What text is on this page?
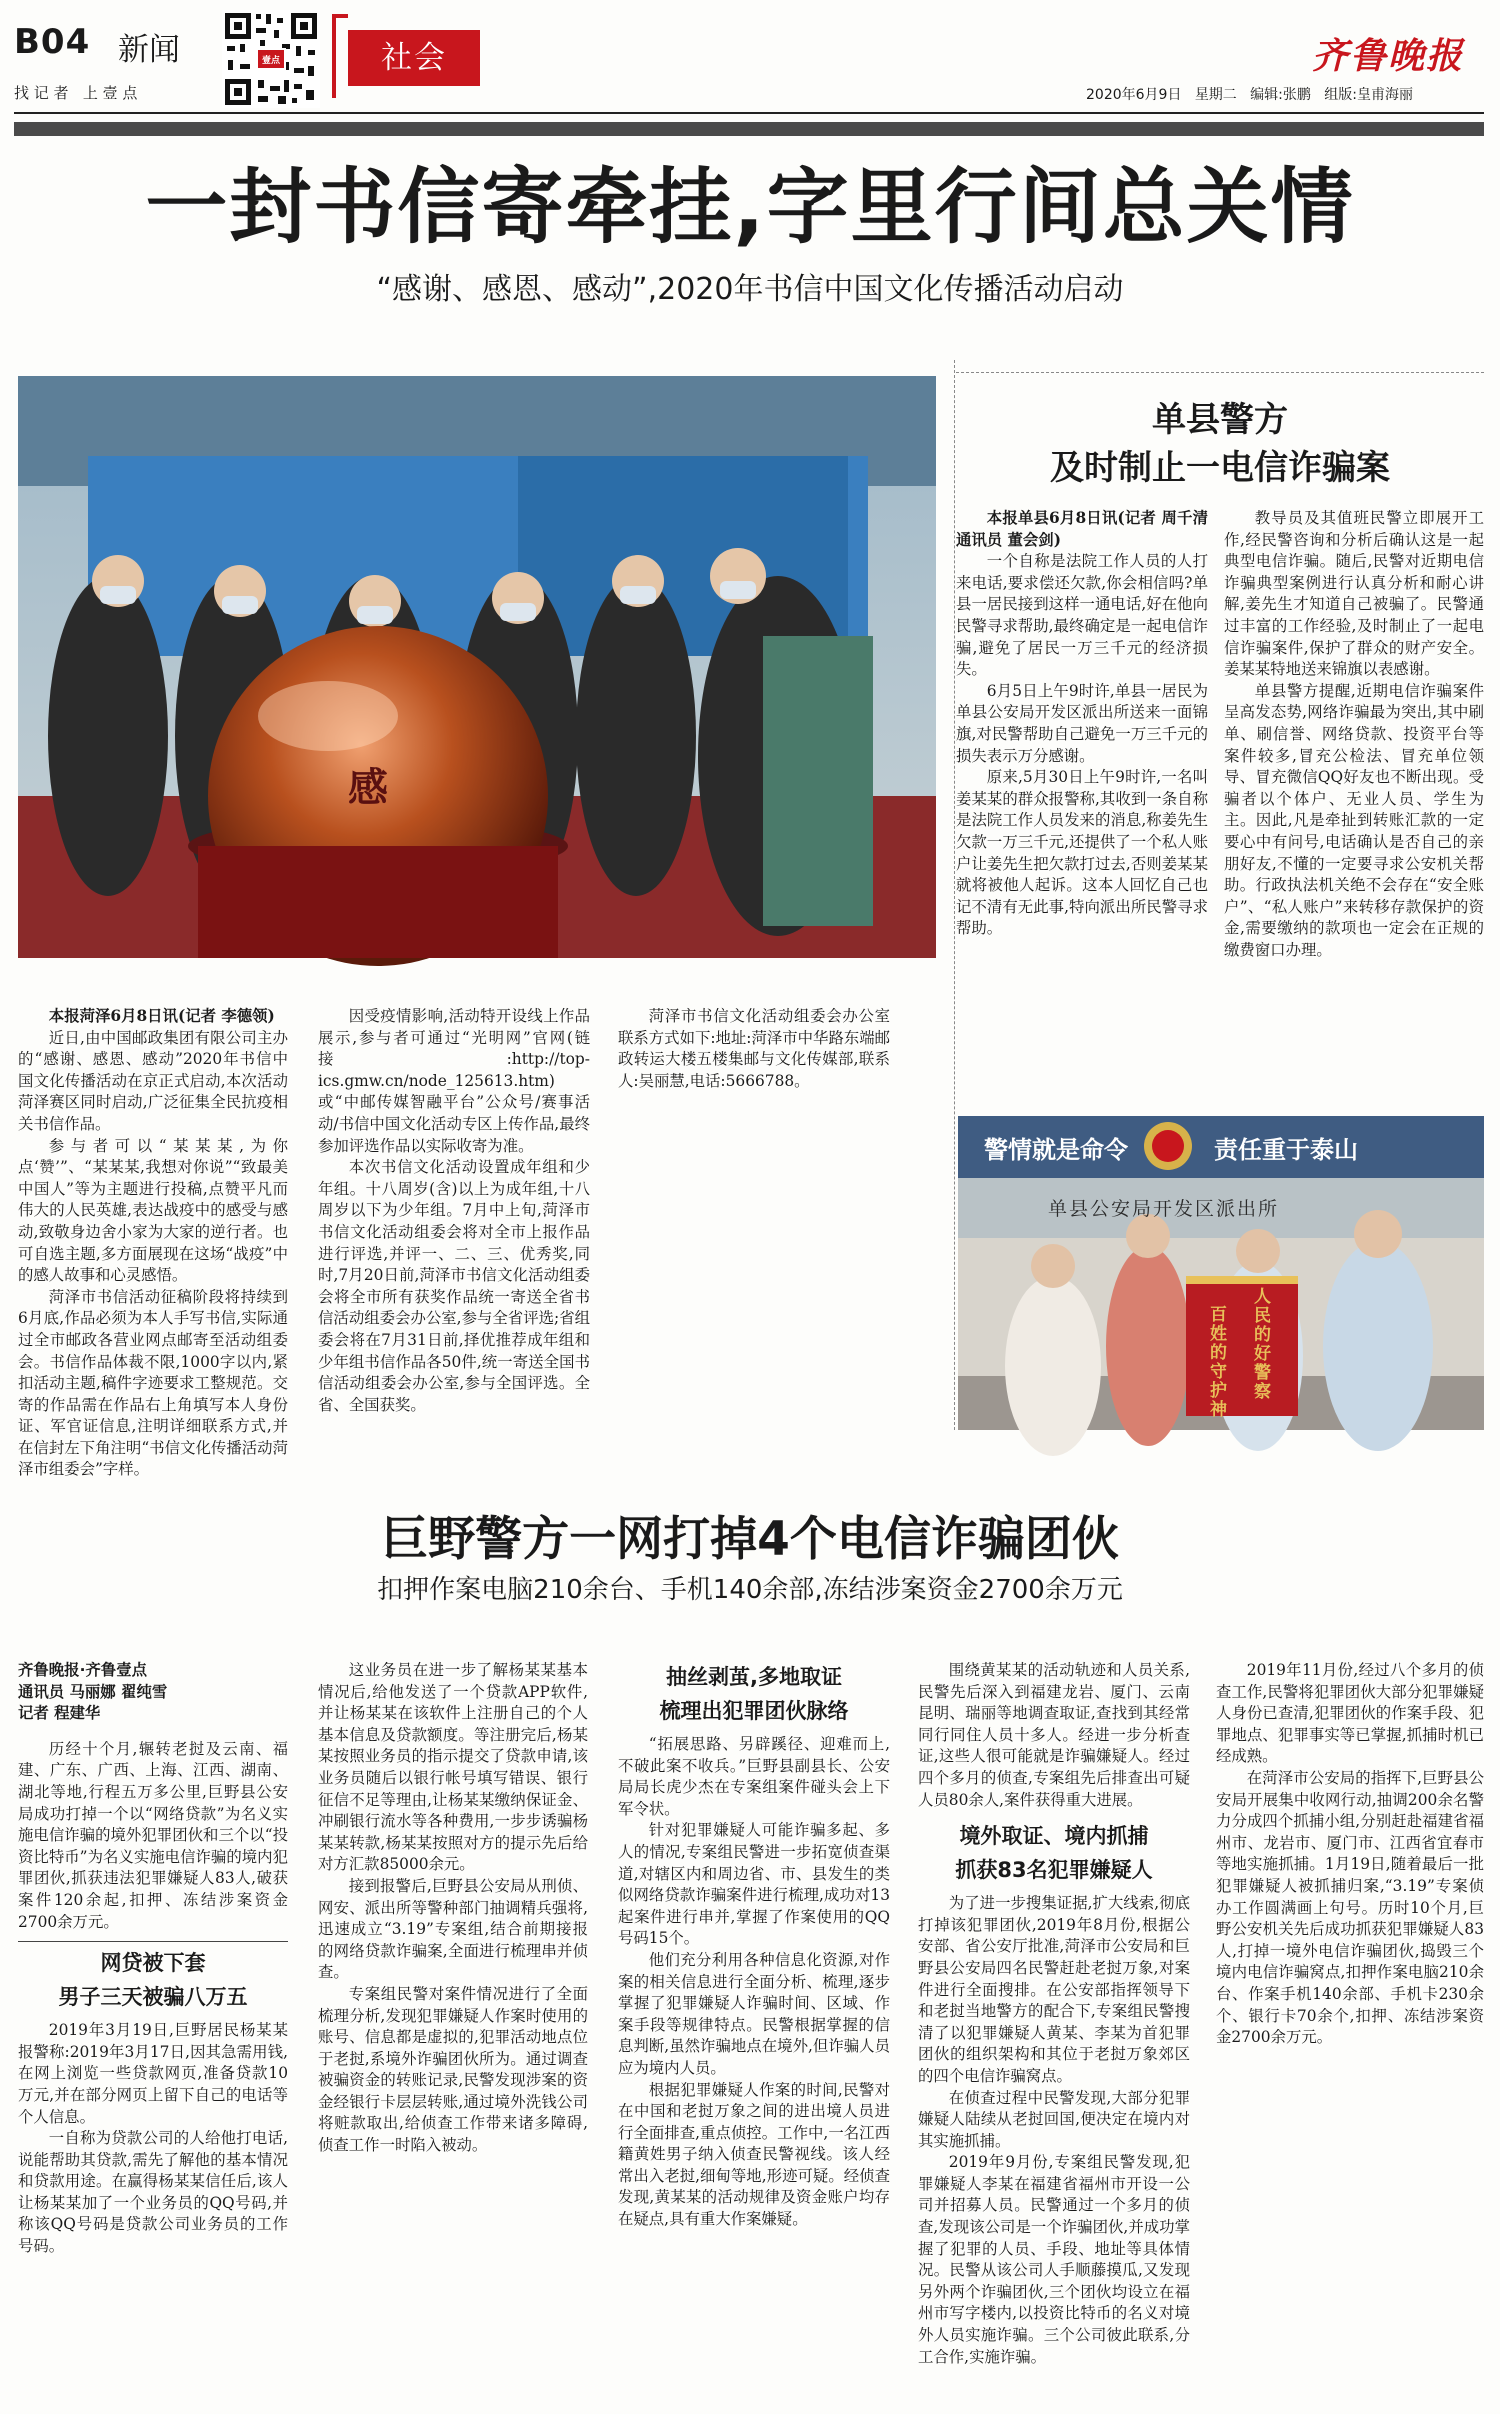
B04 新闻
找 记 者   上 壹 点
壹点	社会	齐鲁晚报
2020年6月9日 星期二 编辑:张鹏 组版:皇甫海丽
一封书信寄牵挂,字里行间总关情
“感谢、感恩、感动”,2020年书信中国文化传播活动启动
感

本报菏泽6月8日讯(记者 李德领)

近日,由中国邮政集团有限公司主办的“感谢、感恩、感动”2020年书信中国文化传播活动在京正式启动,本次活动菏泽赛区同时启动,广泛征集全民抗疫相关书信作品。

参与者可以“某某某,为你点‘赞’”、“某某某,我想对你说”“致最美中国人”等为主题进行投稿,点赞平凡而伟大的人民英雄,表达战疫中的感受与感动,致敬身边舍小家为大家的逆行者。也可自选主题,多方面展现在这场“战疫”中的感人故事和心灵感悟。

菏泽市书信活动征稿阶段将持续到6月底,作品必须为本人手写书信,实际通过全市邮政各营业网点邮寄至活动组委会。书信作品体裁不限,1000字以内,紧扣活动主题,稿件字迹要求工整规范。交寄的作品需在作品右上角填写本人身份证、军官证信息,注明详细联系方式,并在信封左下角注明“书信文化传播活动菏泽市组委会”字样。

因受疫情影响,活动特开设线上作品展示,参与者可通过“光明网”官网(链接:http://top-ics.gmw.cn/node_125613.htm)或“中邮传媒智融平台”公众号/赛事活动/书信中国文化活动专区上传作品,最终参加评选作品以实际收寄为准。

本次书信文化活动设置成年组和少年组。十八周岁(含)以上为成年组,十八周岁以下为少年组。7月中上旬,菏泽市书信文化活动组委会将对全市上报作品进行评选,并评一、二、三、优秀奖,同时,7月20日前,菏泽市书信文化活动组委会将全市所有获奖作品统一寄送全省书信活动组委会办公室,参与全省评选;省组委会将在7月31日前,择优推荐成年组和少年组书信作品各50件,统一寄送全国书信活动组委会办公室,参与全国评选。全省、全国获奖。

菏泽市书信文化活动组委会办公室联系方式如下:地址:菏泽市中华路东端邮政转运大楼五楼集邮与文化传媒部,联系人:吴丽慧,电话:5666788。

单县警方
及时制止一电信诈骗案

本报单县6月8日讯(记者 周千清 通讯员 董会剑)

一个自称是法院工作人员的人打来电话,要求偿还欠款,你会相信吗?单县一居民接到这样一通电话,好在他向民警寻求帮助,最终确定是一起电信诈骗,避免了居民一万三千元的经济损失。

6月5日上午9时许,单县一居民为单县公安局开发区派出所送来一面锦旗,对民警帮助自己避免一万三千元的损失表示万分感谢。

原来,5月30日上午9时许,一名叫姜某某的群众报警称,其收到一条自称是法院工作人员发来的消息,称姜先生欠款一万三千元,还提供了一个私人账户让姜先生把欠款打过去,否则姜某某就将被他人起诉。这本人回忆自己也记不清有无此事,特向派出所民警寻求帮助。

教导员及其值班民警立即展开工作,经民警咨询和分析后确认这是一起典型电信诈骗。随后,民警对近期电信诈骗典型案例进行认真分析和耐心讲解,姜先生才知道自己被骗了。民警通过丰富的工作经验,及时制止了一起电信诈骗案件,保护了群众的财产安全。姜某某特地送来锦旗以表感谢。

单县警方提醒,近期电信诈骗案件呈高发态势,网络诈骗最为突出,其中刷单、刷信誉、网络贷款、投资平台等案件较多,冒充公检法、冒充单位领导、冒充微信QQ好友也不断出现。受骗者以个体户、无业人员、学生为主。因此,凡是牵扯到转账汇款的一定要心中有问号,电话确认是否自己的亲朋好友,不懂的一定要寻求公安机关帮助。行政执法机关绝不会存在“安全账户”、“私人账户”来转移存款保护的资金,需要缴纳的款项也一定会在正规的缴费窗口办理。

警情就是命令	责任重于泰山
单县公安局开发区派出所
人民的好警察
百姓的守护神
巨野警方一网打掉4个电信诈骗团伙
扣押作案电脑210余台、手机140余部,冻结涉案资金2700余万元

齐鲁晚报·齐鲁壹点

通讯员 马丽娜 翟纯雪

记者 程建华

历经十个月,辗转老挝及云南、福建、广东、广西、上海、江西、湖南、湖北等地,行程五万多公里,巨野县公安局成功打掉一个以“网络贷款”为名义实施电信诈骗的境外犯罪团伙和三个以“投资比特币”为名义实施电信诈骗的境内犯罪团伙,抓获违法犯罪嫌疑人83人,破获案件120余起,扣押、冻结涉案资金2700余万元。

网贷被下套
男子三天被骗八万五

2019年3月19日,巨野居民杨某某报警称:2019年3月17日,因其急需用钱,在网上浏览一些贷款网页,准备贷款10万元,并在部分网页上留下自己的电话等个人信息。

一自称为贷款公司的人给他打电话,说能帮助其贷款,需先了解他的基本情况和贷款用途。在赢得杨某某信任后,该人让杨某某加了一个业务员的QQ号码,并称该QQ号码是贷款公司业务员的工作号码。

这业务员在进一步了解杨某某基本情况后,给他发送了一个贷款APP软件,并让杨某某在该软件上注册自己的个人基本信息及贷款额度。等注册完后,杨某某按照业务员的指示提交了贷款申请,该业务员随后以银行帐号填写错误、银行征信不足等理由,让杨某某缴纳保证金、冲刷银行流水等各种费用,一步步诱骗杨某某转款,杨某某按照对方的提示先后给对方汇款85000余元。

接到报警后,巨野县公安局从刑侦、网安、派出所等警种部门抽调精兵强将,迅速成立“3.19”专案组,结合前期接报的网络贷款诈骗案,全面进行梳理串并侦查。

专案组民警对案件情况进行了全面梳理分析,发现犯罪嫌疑人作案时使用的账号、信息都是虚拟的,犯罪活动地点位于老挝,系境外诈骗团伙所为。通过调查被骗资金的转账记录,民警发现涉案的资金经银行卡层层转账,通过境外洗钱公司将赃款取出,给侦查工作带来诸多障碍,侦查工作一时陷入被动。

抽丝剥茧,多地取证
梳理出犯罪团伙脉络

“拓展思路、另辟蹊径、迎难而上,不破此案不收兵。”巨野县副县长、公安局局长虎少杰在专案组案件碰头会上下军令状。

针对犯罪嫌疑人可能诈骗多起、多人的情况,专案组民警进一步拓宽侦查渠道,对辖区内和周边省、市、县发生的类似网络贷款诈骗案件进行梳理,成功对13起案件进行串并,掌握了作案使用的QQ号码15个。

他们充分利用各种信息化资源,对作案的相关信息进行全面分析、梳理,逐步掌握了犯罪嫌疑人诈骗时间、区域、作案手段等规律特点。民警根据掌握的信息判断,虽然诈骗地点在境外,但诈骗人员应为境内人员。

根据犯罪嫌疑人作案的时间,民警对在中国和老挝万象之间的进出境人员进行全面排查,重点侦控。工作中,一名江西籍黄姓男子纳入侦查民警视线。该人经常出入老挝,细甸等地,形迹可疑。经侦查发现,黄某某的活动规律及资金账户均存在疑点,具有重大作案嫌疑。

围绕黄某某的活动轨迹和人员关系,民警先后深入到福建龙岩、厦门、云南昆明、瑞丽等地调查取证,查找到其经常同行同住人员十多人。经进一步分析查证,这些人很可能就是诈骗嫌疑人。经过四个多月的侦查,专案组先后排查出可疑人员80余人,案件获得重大进展。

境外取证、境内抓捕
抓获83名犯罪嫌疑人

为了进一步搜集证据,扩大线索,彻底打掉该犯罪团伙,2019年8月份,根据公安部、省公安厅批准,菏泽市公安局和巨野县公安局四名民警赶赴老挝万象,对案件进行全面搜排。在公安部指挥领导下和老挝当地警方的配合下,专案组民警搜清了以犯罪嫌疑人黄某、李某为首犯罪团伙的组织架构和其位于老挝万象郊区的四个电信诈骗窝点。

在侦查过程中民警发现,大部分犯罪嫌疑人陆续从老挝回国,便决定在境内对其实施抓捕。

2019年9月份,专案组民警发现,犯罪嫌疑人李某在福建省福州市开设一公司并招募人员。民警通过一个多月的侦查,发现该公司是一个诈骗团伙,并成功掌握了犯罪的人员、手段、地址等具体情况。民警从该公司人手顺藤摸瓜,又发现另外两个诈骗团伙,三个团伙均设立在福州市写字楼内,以投资比特币的名义对境外人员实施诈骗。三个公司彼此联系,分工合作,实施诈骗。

2019年11月份,经过八个多月的侦查工作,民警将犯罪团伙大部分犯罪嫌疑人身份已查清,犯罪团伙的作案手段、犯罪地点、犯罪事实等已掌握,抓捕时机已经成熟。

在菏泽市公安局的指挥下,巨野县公安局开展集中收网行动,抽调200余名警力分成四个抓捕小组,分别赶赴福建省福州市、龙岩市、厦门市、江西省宜春市等地实施抓捕。1月19日,随着最后一批犯罪嫌疑人被抓捕归案,“3.19”专案侦办工作圆满画上句号。历时10个月,巨野公安机关先后成功抓获犯罪嫌疑人83人,打掉一境外电信诈骗团伙,捣毁三个境内电信诈骗窝点,扣押作案电脑210余台、作案手机140余部、手机卡230余个、银行卡70余个,扣押、冻结涉案资金2700余万元。
